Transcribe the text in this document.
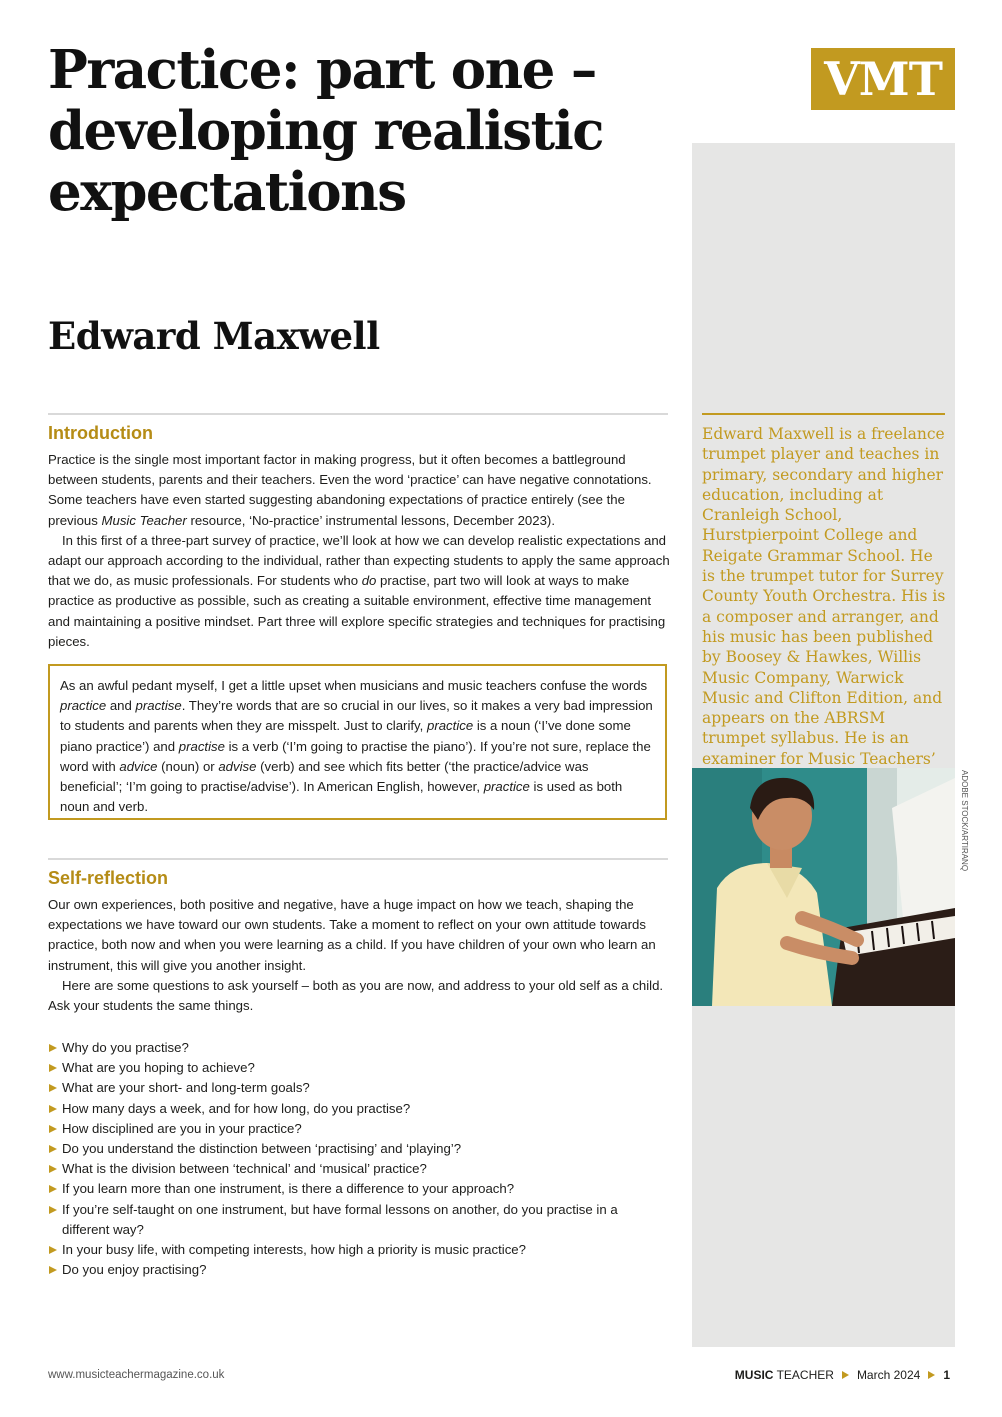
Practice: part one – developing realistic expectations
Edward Maxwell
VMT

Edward Maxwell is a freelance trumpet player and teaches in primary, secondary and higher education, including at Cranleigh School, Hurstpierpoint College and Reigate Grammar School. He is the trumpet tutor for Surrey County Youth Orchestra. His is a composer and arranger, and his music has been published by Boosey & Hawkes, Willis Music Company, Warwick Music and Clifton Edition, and appears on the ABRSM trumpet syllabus. He is an examiner for Music Teachers’

ADOBE STOCK/ARTIRANQ
Introduction

Practice is the single most important factor in making progress, but it often becomes a battleground between students, parents and their teachers. Even the word ‘practice’ can have negative connotations. Some teachers have even started suggesting abandoning expectations of practice entirely (see the previous Music Teacher resource, ‘No-practice’ instrumental lessons, December 2023).

In this first of a three-part survey of practice, we’ll look at how we can develop realistic expectations and adapt our approach according to the individual, rather than expecting students to apply the same approach that we do, as music professionals. For students who do practise, part two will look at ways to make practice as productive as possible, such as creating a suitable environment, effective time management and maintaining a positive mindset. Part three will explore specific strategies and techniques for practising pieces.

As an awful pedant myself, I get a little upset when musicians and music teachers confuse the words practice and practise. They’re words that are so crucial in our lives, so it makes a very bad impression to students and parents when they are misspelt. Just to clarify, practice is a noun (‘I’ve done some piano practice’) and practise is a verb (‘I’m going to practise the piano’). If you’re not sure, replace the word with advice (noun) or advise (verb) and see which fits better (‘the practice/advice was beneficial’; ‘I’m going to practise/advise’). In American English, however, practice is used as both noun and verb.

Self-reflection

Our own experiences, both positive and negative, have a huge impact on how we teach, shaping the expectations we have toward our own students. Take a moment to reflect on your own attitude towards practice, both now and when you were learning as a child. If you have children of your own who learn an instrument, this will give you another insight.

Here are some questions to ask yourself – both as you are now, and address to your old self as a child. Ask your students the same things.

Why do you practise?
What are you hoping to achieve?
What are your short- and long-term goals?
How many days a week, and for how long, do you practise?
How disciplined are you in your practice?
Do you understand the distinction between ‘practising’ and ‘playing’?
What is the division between ‘technical’ and ‘musical’ practice?
If you learn more than one instrument, is there a difference to your approach?
If you’re self-taught on one instrument, but have formal lessons on another, do you practise in a different way?
In your busy life, with competing interests, how high a priority is music practice?
Do you enjoy practising?
www.musicteachermagazine.co.uk	MUSIC TEACHER March 2024 1
